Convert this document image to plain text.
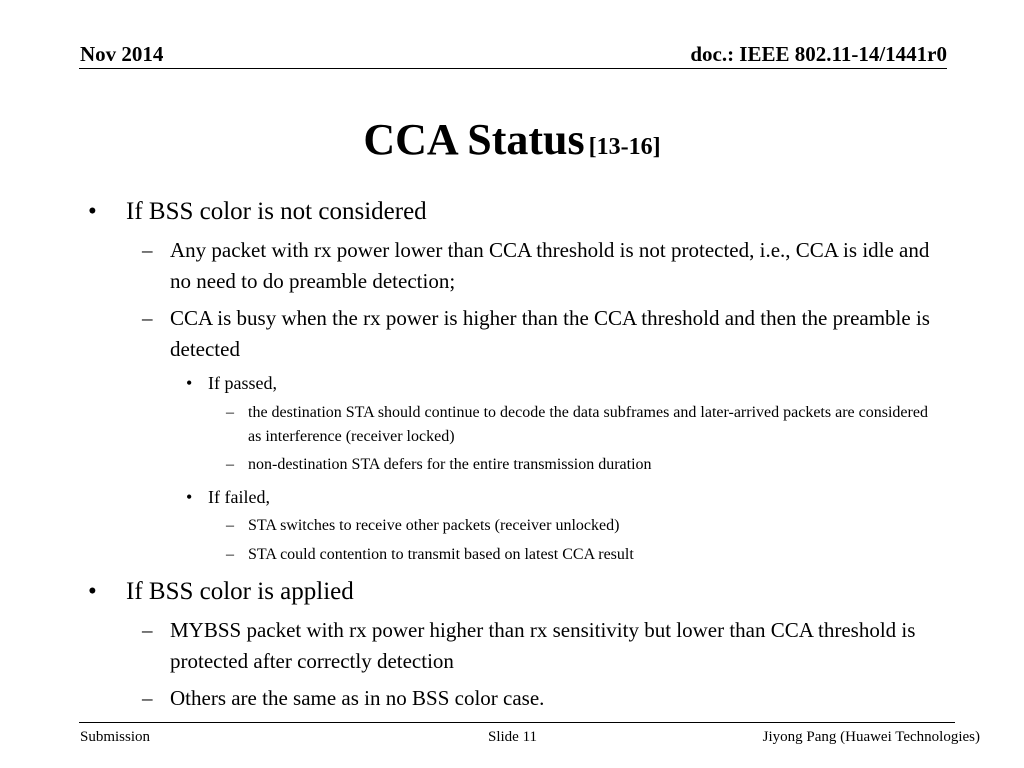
Nov 2014	doc.: IEEE 802.11-14/1441r0
CCA Status [13-16]
• If BSS color is not considered
– Any packet with rx power lower than CCA threshold is not protected, i.e., CCA is idle and no need to do preamble detection;
– CCA is busy when the rx power is higher than the CCA threshold and then the preamble is detected
• If passed,
– the destination STA should continue to decode the data subframes and later-arrived packets are considered as interference (receiver locked)
– non-destination STA defers for the entire transmission duration
• If failed,
– STA switches to receive other packets (receiver unlocked)
– STA could contention to transmit based on latest CCA result
• If BSS color is applied
– MYBSS packet with rx power higher than rx sensitivity but lower than CCA threshold is protected after correctly detection
– Others are the same as in no BSS color case.
Submission	Slide 11	Jiyong Pang (Huawei Technologies)
